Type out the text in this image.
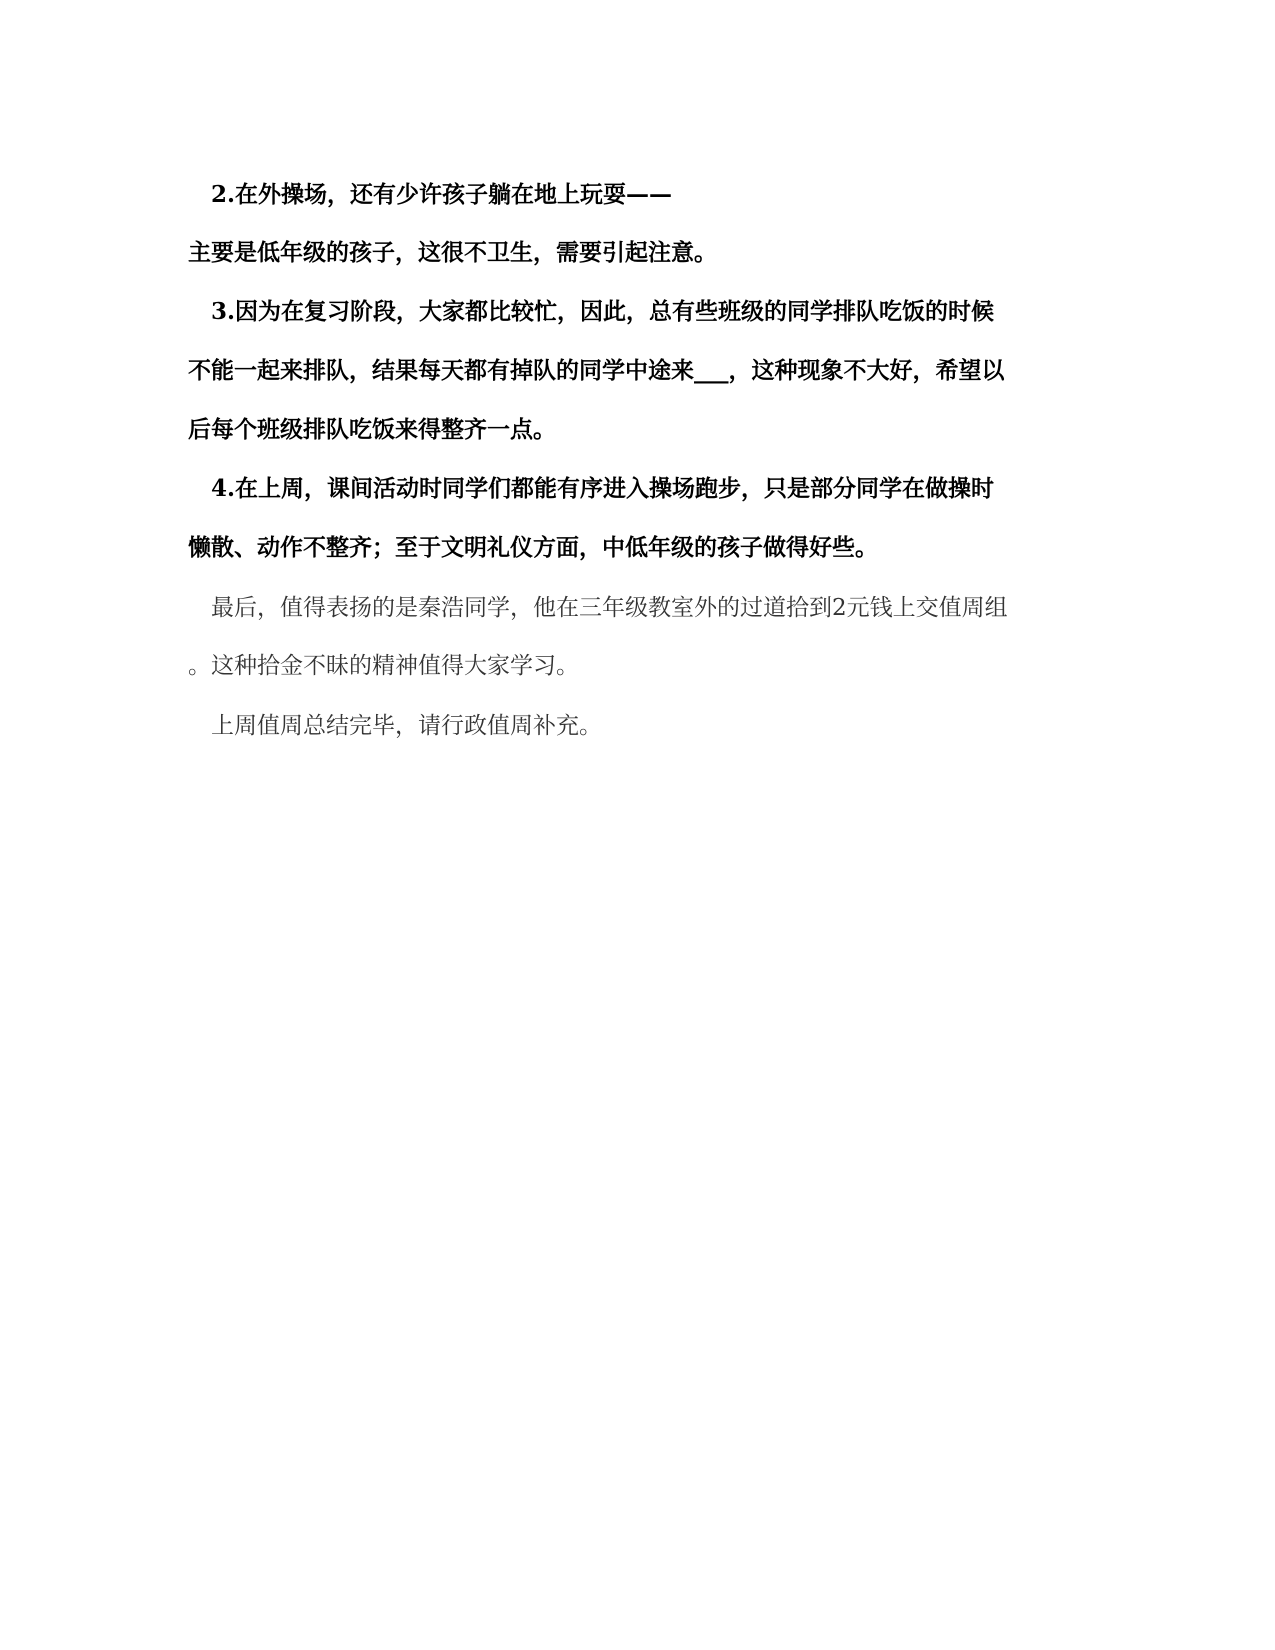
2.在外操场，还有少许孩子躺在地上玩耍——
主要是低年级的孩子，这很不卫生，需要引起注意。
3.因为在复习阶段，大家都比较忙，因此，总有些班级的同学排队吃饭的时候
不能一起来排队，结果每天都有掉队的同学中途来___，这种现象不大好，希望以
后每个班级排队吃饭来得整齐一点。
4.在上周，课间活动时同学们都能有序进入操场跑步，只是部分同学在做操时
懒散、动作不整齐；至于文明礼仪方面，中低年级的孩子做得好些。
最后，值得表扬的是秦浩同学，他在三年级教室外的过道拾到2元钱上交值周组
。这种拾金不昧的精神值得大家学习。
上周值周总结完毕，请行政值周补充。
